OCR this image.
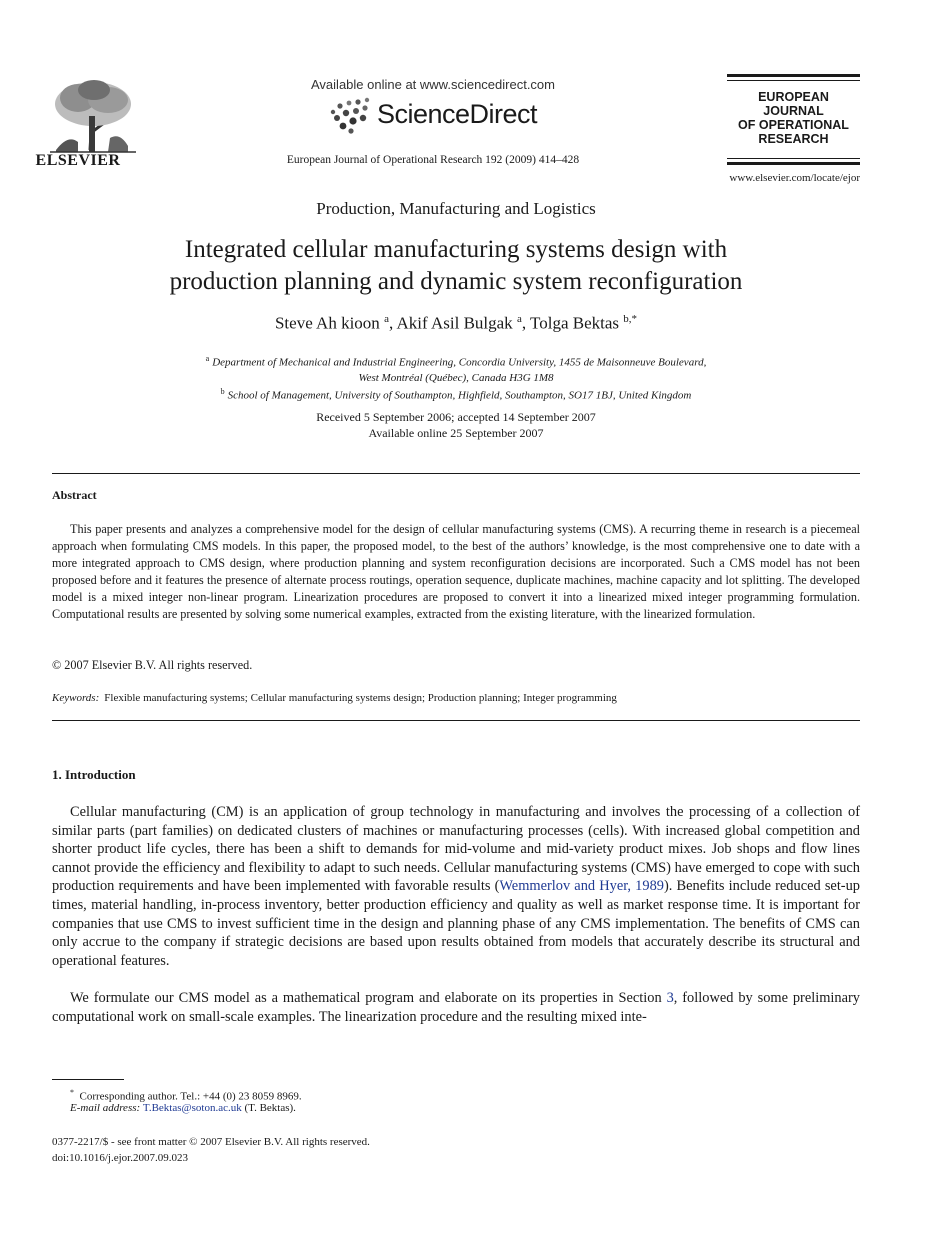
ELSEVIER
Available online at www.sciencedirect.com
ScienceDirect
European Journal of Operational Research 192 (2009) 414–428
EUROPEAN
JOURNAL
OF OPERATIONAL
RESEARCH
www.elsevier.com/locate/ejor
Production, Manufacturing and Logistics
Integrated cellular manufacturing systems design with
production planning and dynamic system reconfiguration
Steve Ah kioon $^a$, Akif Asil Bulgak $^a$, Tolga Bektas $^{b,*}$
$^a$ Department of Mechanical and Industrial Engineering, Concordia University, 1455 de Maisonneuve Boulevard,
West Montréal (Québec), Canada H3G 1M8
$^b$ School of Management, University of Southampton, Highfield, Southampton, SO17 1BJ, United Kingdom
Received 5 September 2006; accepted 14 September 2007
Available online 25 September 2007
Abstract
This paper presents and analyzes a comprehensive model for the design of cellular manufacturing systems (CMS). A recurring theme in research is a piecemeal approach when formulating CMS models. In this paper, the proposed model, to the best of the authors’ knowledge, is the most comprehensive one to date with a more integrated approach to CMS design, where production planning and system reconfiguration decisions are incorporated. Such a CMS model has not been proposed before and it features the presence of alternate process routings, operation sequence, duplicate machines, machine capacity and lot splitting. The developed model is a mixed integer non-linear program. Linearization procedures are proposed to convert it into a linearized mixed integer programming formulation. Computational results are presented by solving some numerical examples, extracted from the existing literature, with the linearized formulation.
© 2007 Elsevier B.V. All rights reserved.
Keywords: Flexible manufacturing systems; Cellular manufacturing systems design; Production planning; Integer programming
1. Introduction
Cellular manufacturing (CM) is an application of group technology in manufacturing and involves the processing of a collection of similar parts (part families) on dedicated clusters of machines or manufacturing processes (cells). With increased global competition and shorter product life cycles, there has been a shift to demands for mid-volume and mid-variety product mixes. Job shops and flow lines cannot provide the efficiency and flexibility to adapt to such needs. Cellular manufacturing systems (CMS) have emerged to cope with such production requirements and have been implemented with favorable results (Wemmerlov and Hyer, 1989). Benefits include reduced set-up times, material handling, in-process inventory, better production efficiency and quality as well as market response time. It is important for companies that use CMS to invest sufficient time in the design and planning phase of any CMS implementation. The benefits of CMS can only accrue to the company if strategic decisions are based upon results obtained from models that accurately describe its structural and operational features.
We formulate our CMS model as a mathematical program and elaborate on its properties in Section 3, followed by some preliminary computational work on small-scale examples. The linearization procedure and the resulting mixed inte-
* Corresponding author. Tel.: +44 (0) 23 8059 8969.
E-mail address: T.Bektas@soton.ac.uk (T. Bektas).
0377-2217/$ - see front matter © 2007 Elsevier B.V. All rights reserved.
doi:10.1016/j.ejor.2007.09.023
